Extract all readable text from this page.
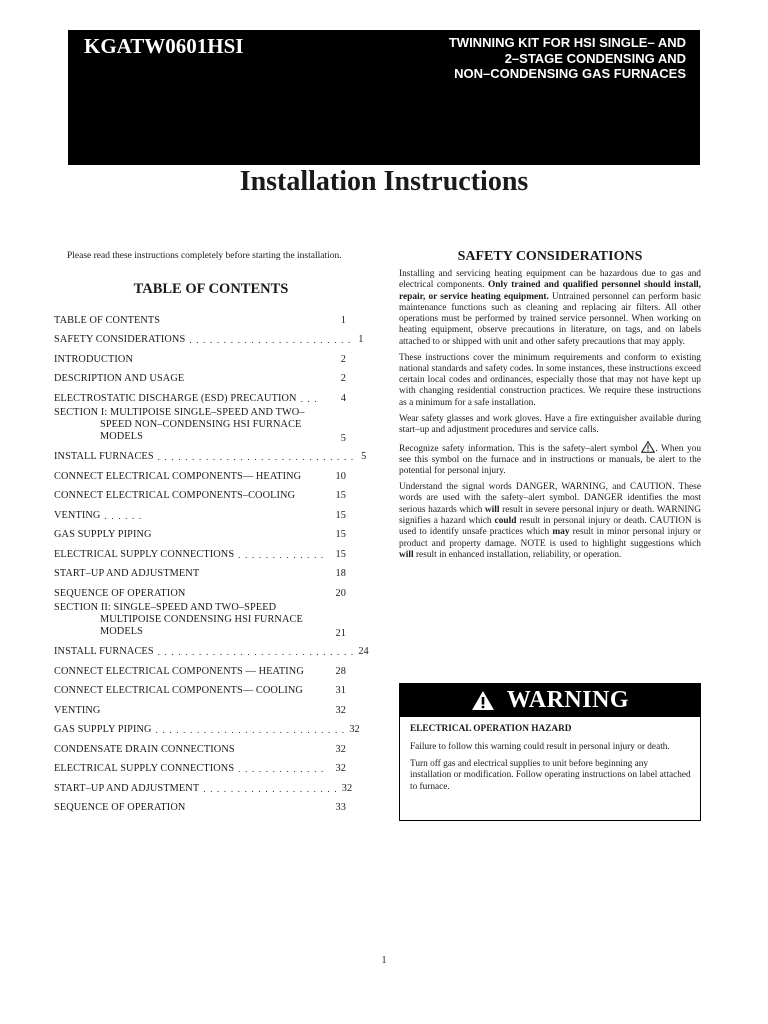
KGATW0601HSI	TWINNING KIT FOR HSI SINGLE– AND
2–STAGE CONDENSING AND
NON–CONDENSING GAS FURNACES
Installation Instructions
Please read these instructions completely before starting the installation.
TABLE OF CONTENTS
TABLE OF CONTENTS	1
SAFETY CONSIDERATIONS . . . . . . . . . . . . . . . . . . . . . . . . 1
INTRODUCTION	2
DESCRIPTION AND USAGE	2
ELECTROSTATIC DISCHARGE (ESD) PRECAUTION . . .	4
SECTION I: MULTIPOISE SINGLE–SPEED AND TWO–
SPEED NON–CONDENSING HSI FURNACE
MODELS	5
INSTALL FURNACES . . . . . . . . . . . . . . . . . . . . . . . . . . . . . 5
CONNECT ELECTRICAL COMPONENTS— HEATING	10
CONNECT ELECTRICAL COMPONENTS–COOLING	15
VENTING . . . . . .	15
GAS SUPPLY PIPING	15
ELECTRICAL SUPPLY CONNECTIONS . . . . . . . . . . . . .	15
START–UP AND ADJUSTMENT	18
SEQUENCE OF OPERATION	20
SECTION II: SINGLE–SPEED AND TWO–SPEED
MULTIPOISE CONDENSING HSI FURNACE
MODELS	21
INSTALL FURNACES . . . . . . . . . . . . . . . . . . . . . . . . . . . . . 24
CONNECT ELECTRICAL COMPONENTS — HEATING	28
CONNECT ELECTRICAL COMPONENTS— COOLING	31
VENTING	32
GAS SUPPLY PIPING . . . . . . . . . . . . . . . . . . . . . . . . . . . . 32
CONDENSATE DRAIN CONNECTIONS	32
ELECTRICAL SUPPLY CONNECTIONS . . . . . . . . . . . . .	32
START–UP AND ADJUSTMENT . . . . . . . . . . . . . . . . . . . . 32
SEQUENCE OF OPERATION	33
SAFETY CONSIDERATIONS

Installing and servicing heating equipment can be hazardous due to gas and electrical components. Only trained and qualified personnel should install, repair, or service heating equipment. Untrained personnel can perform basic maintenance functions such as cleaning and replacing air filters. All other operations must be performed by trained service personnel. When working on heating equipment, observe precautions in literature, on tags, and on labels attached to or shipped with unit and other safety precautions that may apply.

These instructions cover the minimum requirements and conform to existing national standards and safety codes. In some instances, these instructions exceed certain local codes and ordinances, especially those that may not have kept up with changing residential construction practices. We require these instructions as a minimum for a safe installation.

Wear safety glasses and work gloves. Have a fire extinguisher available during start–up and adjustment procedures and service calls.

Recognize safety information. This is the safety–alert symbol . When you see this symbol on the furnace and in instructions or manuals, be alert to the potential for personal injury.

Understand the signal words DANGER, WARNING, and CAUTION. These words are used with the safety–alert symbol. DANGER identifies the most serious hazards which will result in severe personal injury or death. WARNING signifies a hazard which could result in personal injury or death. CAUTION is used to identify unsafe practices which may result in minor personal injury or product and property damage. NOTE is used to highlight suggestions which will result in enhanced installation, reliability, or operation.

WARNING

ELECTRICAL OPERATION HAZARD

Failure to follow this warning could result in personal injury or death.

Turn off gas and electrical supplies to unit before beginning any installation or modification. Follow operating instructions on label attached to furnace.

1
